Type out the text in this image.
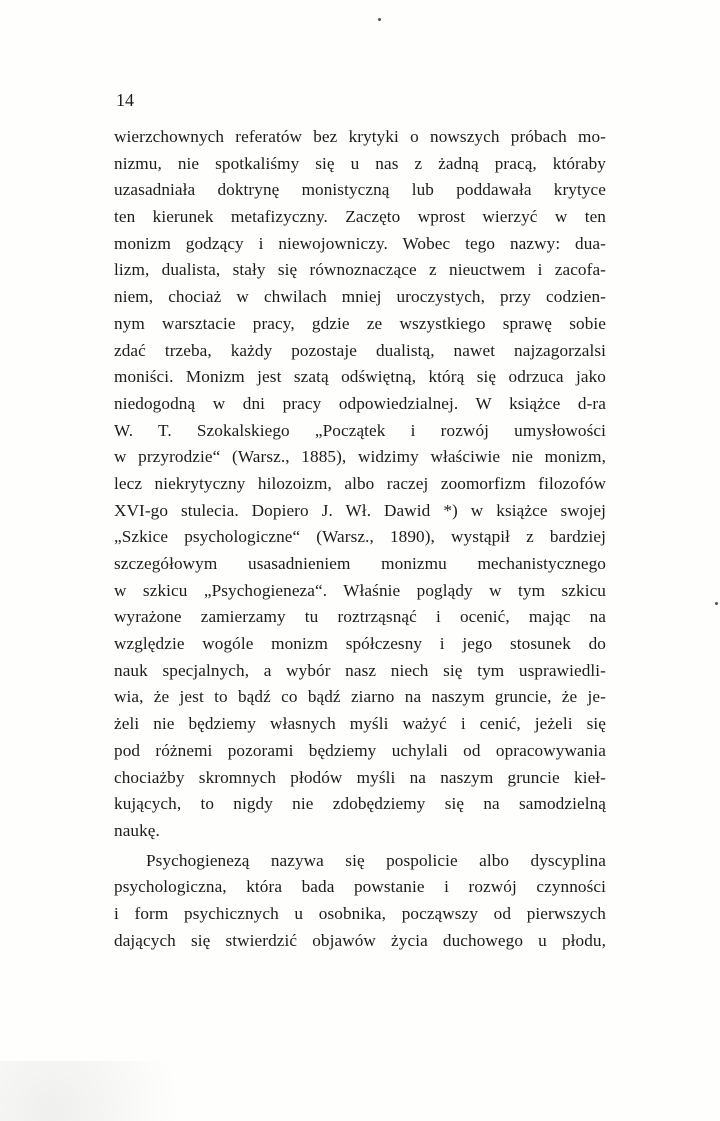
14
wierzchownych referatów bez krytyki o nowszych próbach mo-
nizmu, nie spotkaliśmy się u nas z żadną pracą, któraby
uzasadniała doktrynę monistyczną lub poddawała krytyce
ten kierunek metafizyczny. Zaczęto wprost wierzyć w ten
monizm godzący i niewojowniczy. Wobec tego nazwy: dua-
lizm, dualista, stały się równoznaczące z nieuctwem i zacofa-
niem, chociaż w chwilach mniej uroczystych, przy codzien-
nym warsztacie pracy, gdzie ze wszystkiego sprawę sobie
zdać trzeba, każdy pozostaje dualistą, nawet najzagorzalsi
moniści. Monizm jest szatą odświętną, którą się odrzuca jako
niedogodną w dni pracy odpowiedzialnej. W książce d-ra
W. T. Szokalskiego „Początek i rozwój umysłowości
w przyrodzie“ (Warsz., 1885), widzimy właściwie nie monizm,
lecz niekrytyczny hilozoizm, albo raczej zoomorfizm filozofów
XVI-go stulecia. Dopiero J. Wł. Dawid *) w książce swojej
„Szkice psychologiczne“ (Warsz., 1890), wystąpił z bardziej
szczegółowym usasadnieniem monizmu mechanistycznego
w szkicu „Psychogieneza“. Właśnie poglądy w tym szkicu
wyrażone zamierzamy tu roztrząsnąć i ocenić, mając na
względzie wogóle monizm spółczesny i jego stosunek do
nauk specjalnych, a wybór nasz niech się tym usprawiedli-
wia, że jest to bądź co bądź ziarno na naszym gruncie, że je-
żeli nie będziemy własnych myśli ważyć i cenić, jeżeli się
pod różnemi pozorami będziemy uchylali od opracowywania
chociażby skromnych płodów myśli na naszym gruncie kieł-
kujących, to nigdy nie zdobędziemy się na samodzielną
naukę.
Psychogienezą nazywa się pospolicie albo dyscyplina
psychologiczna, która bada powstanie i rozwój czynności
i form psychicznych u osobnika, począwszy od pierwszych
dających się stwierdzić objawów życia duchowego u płodu,
